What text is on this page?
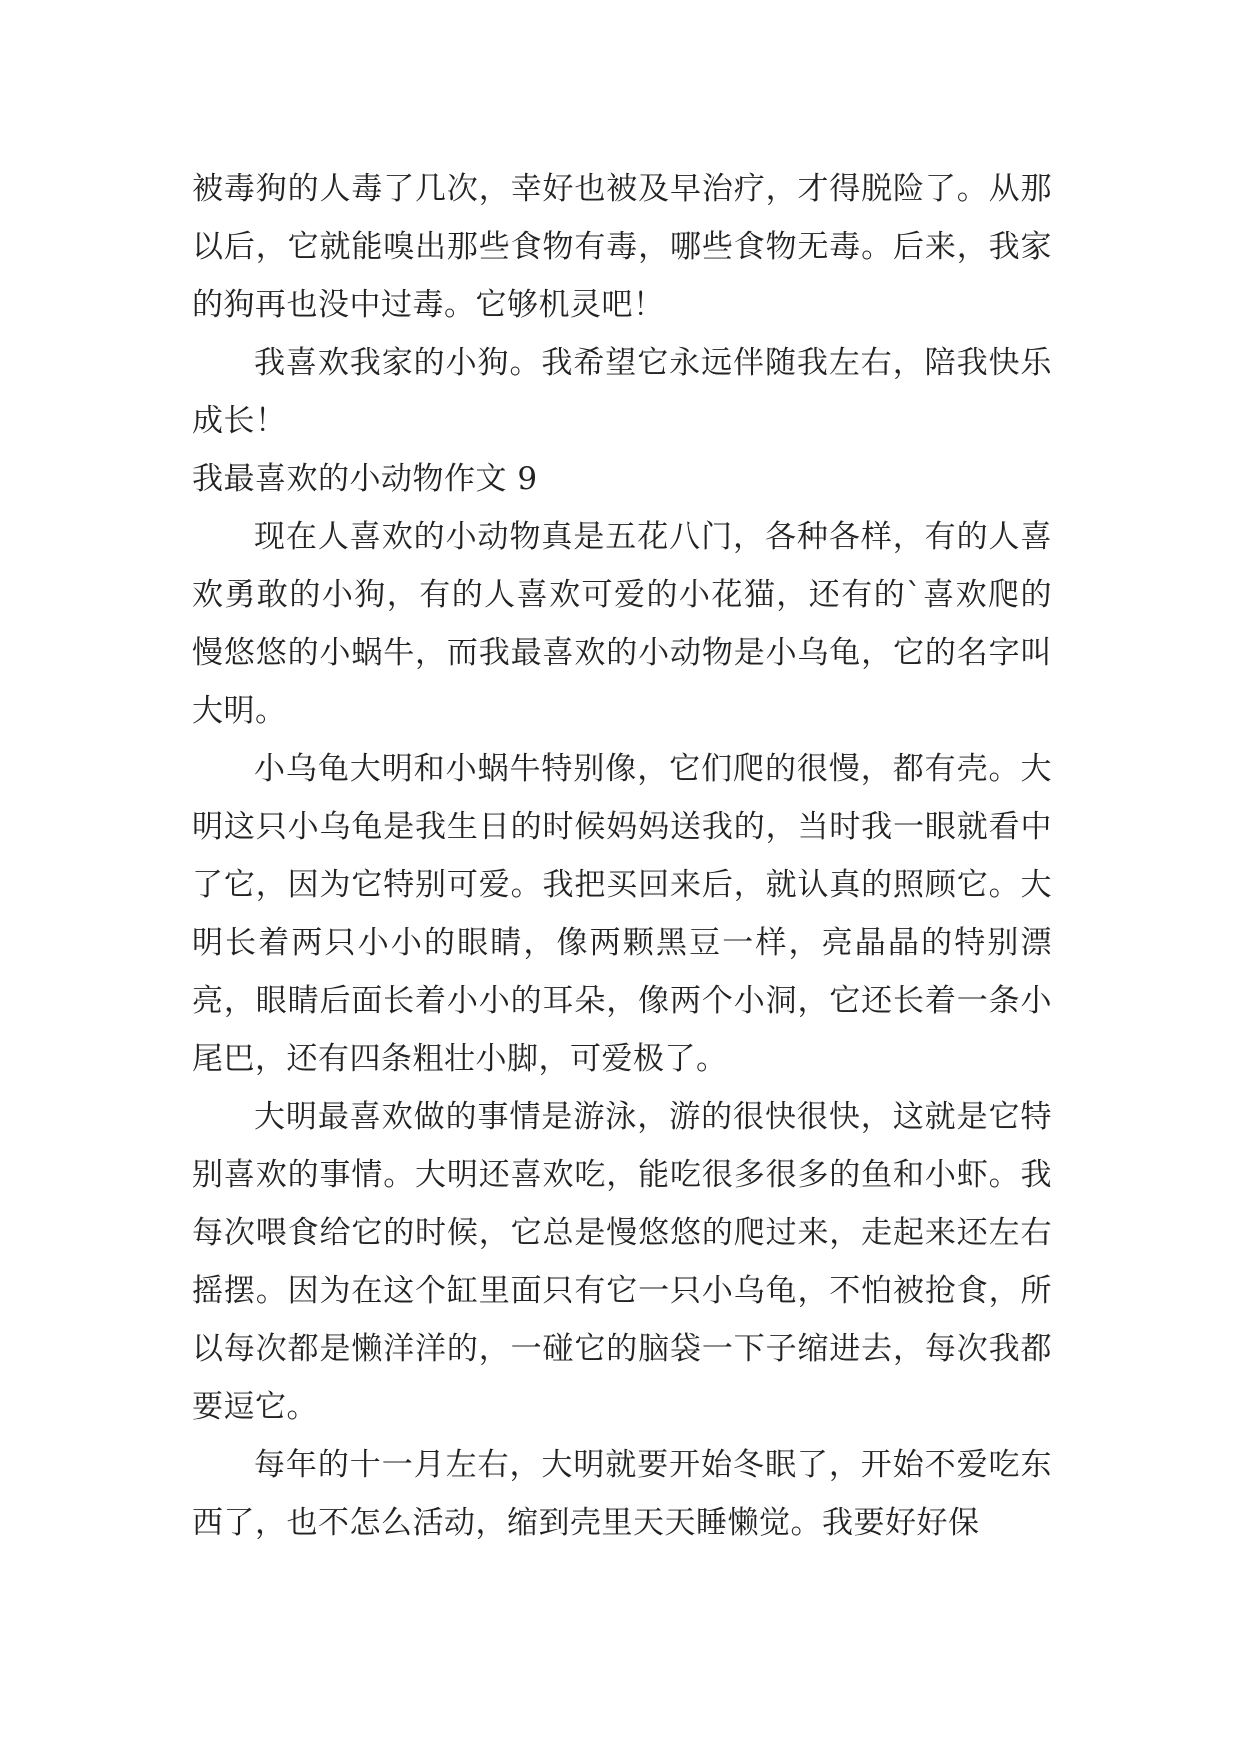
被毒狗的人毒了几次，幸好也被及早治疗，才得脱险了。从那以后，它就能嗅出那些食物有毒，哪些食物无毒。后来，我家的狗再也没中过毒。它够机灵吧！

我喜欢我家的小狗。我希望它永远伴随我左右，陪我快乐成长！

我最喜欢的小动物作文 9

现在人喜欢的小动物真是五花八门，各种各样，有的人喜欢勇敢的小狗，有的人喜欢可爱的小花猫，还有的`喜欢爬的慢悠悠的小蜗牛，而我最喜欢的小动物是小乌龟，它的名字叫大明。

小乌龟大明和小蜗牛特别像，它们爬的很慢，都有壳。大明这只小乌龟是我生日的时候妈妈送我的，当时我一眼就看中了它，因为它特别可爱。我把买回来后，就认真的照顾它。大明长着两只小小的眼睛，像两颗黑豆一样，亮晶晶的特别漂亮，眼睛后面长着小小的耳朵，像两个小洞，它还长着一条小尾巴，还有四条粗壮小脚，可爱极了。

大明最喜欢做的事情是游泳，游的很快很快，这就是它特别喜欢的事情。大明还喜欢吃，能吃很多很多的鱼和小虾。我每次喂食给它的时候，它总是慢悠悠的爬过来，走起来还左右摇摆。因为在这个缸里面只有它一只小乌龟，不怕被抢食，所以每次都是懒洋洋的，一碰它的脑袋一下子缩进去，每次我都要逗它。

每年的十一月左右，大明就要开始冬眠了，开始不爱吃东西了，也不怎么活动，缩到壳里天天睡懒觉。我要好好保
